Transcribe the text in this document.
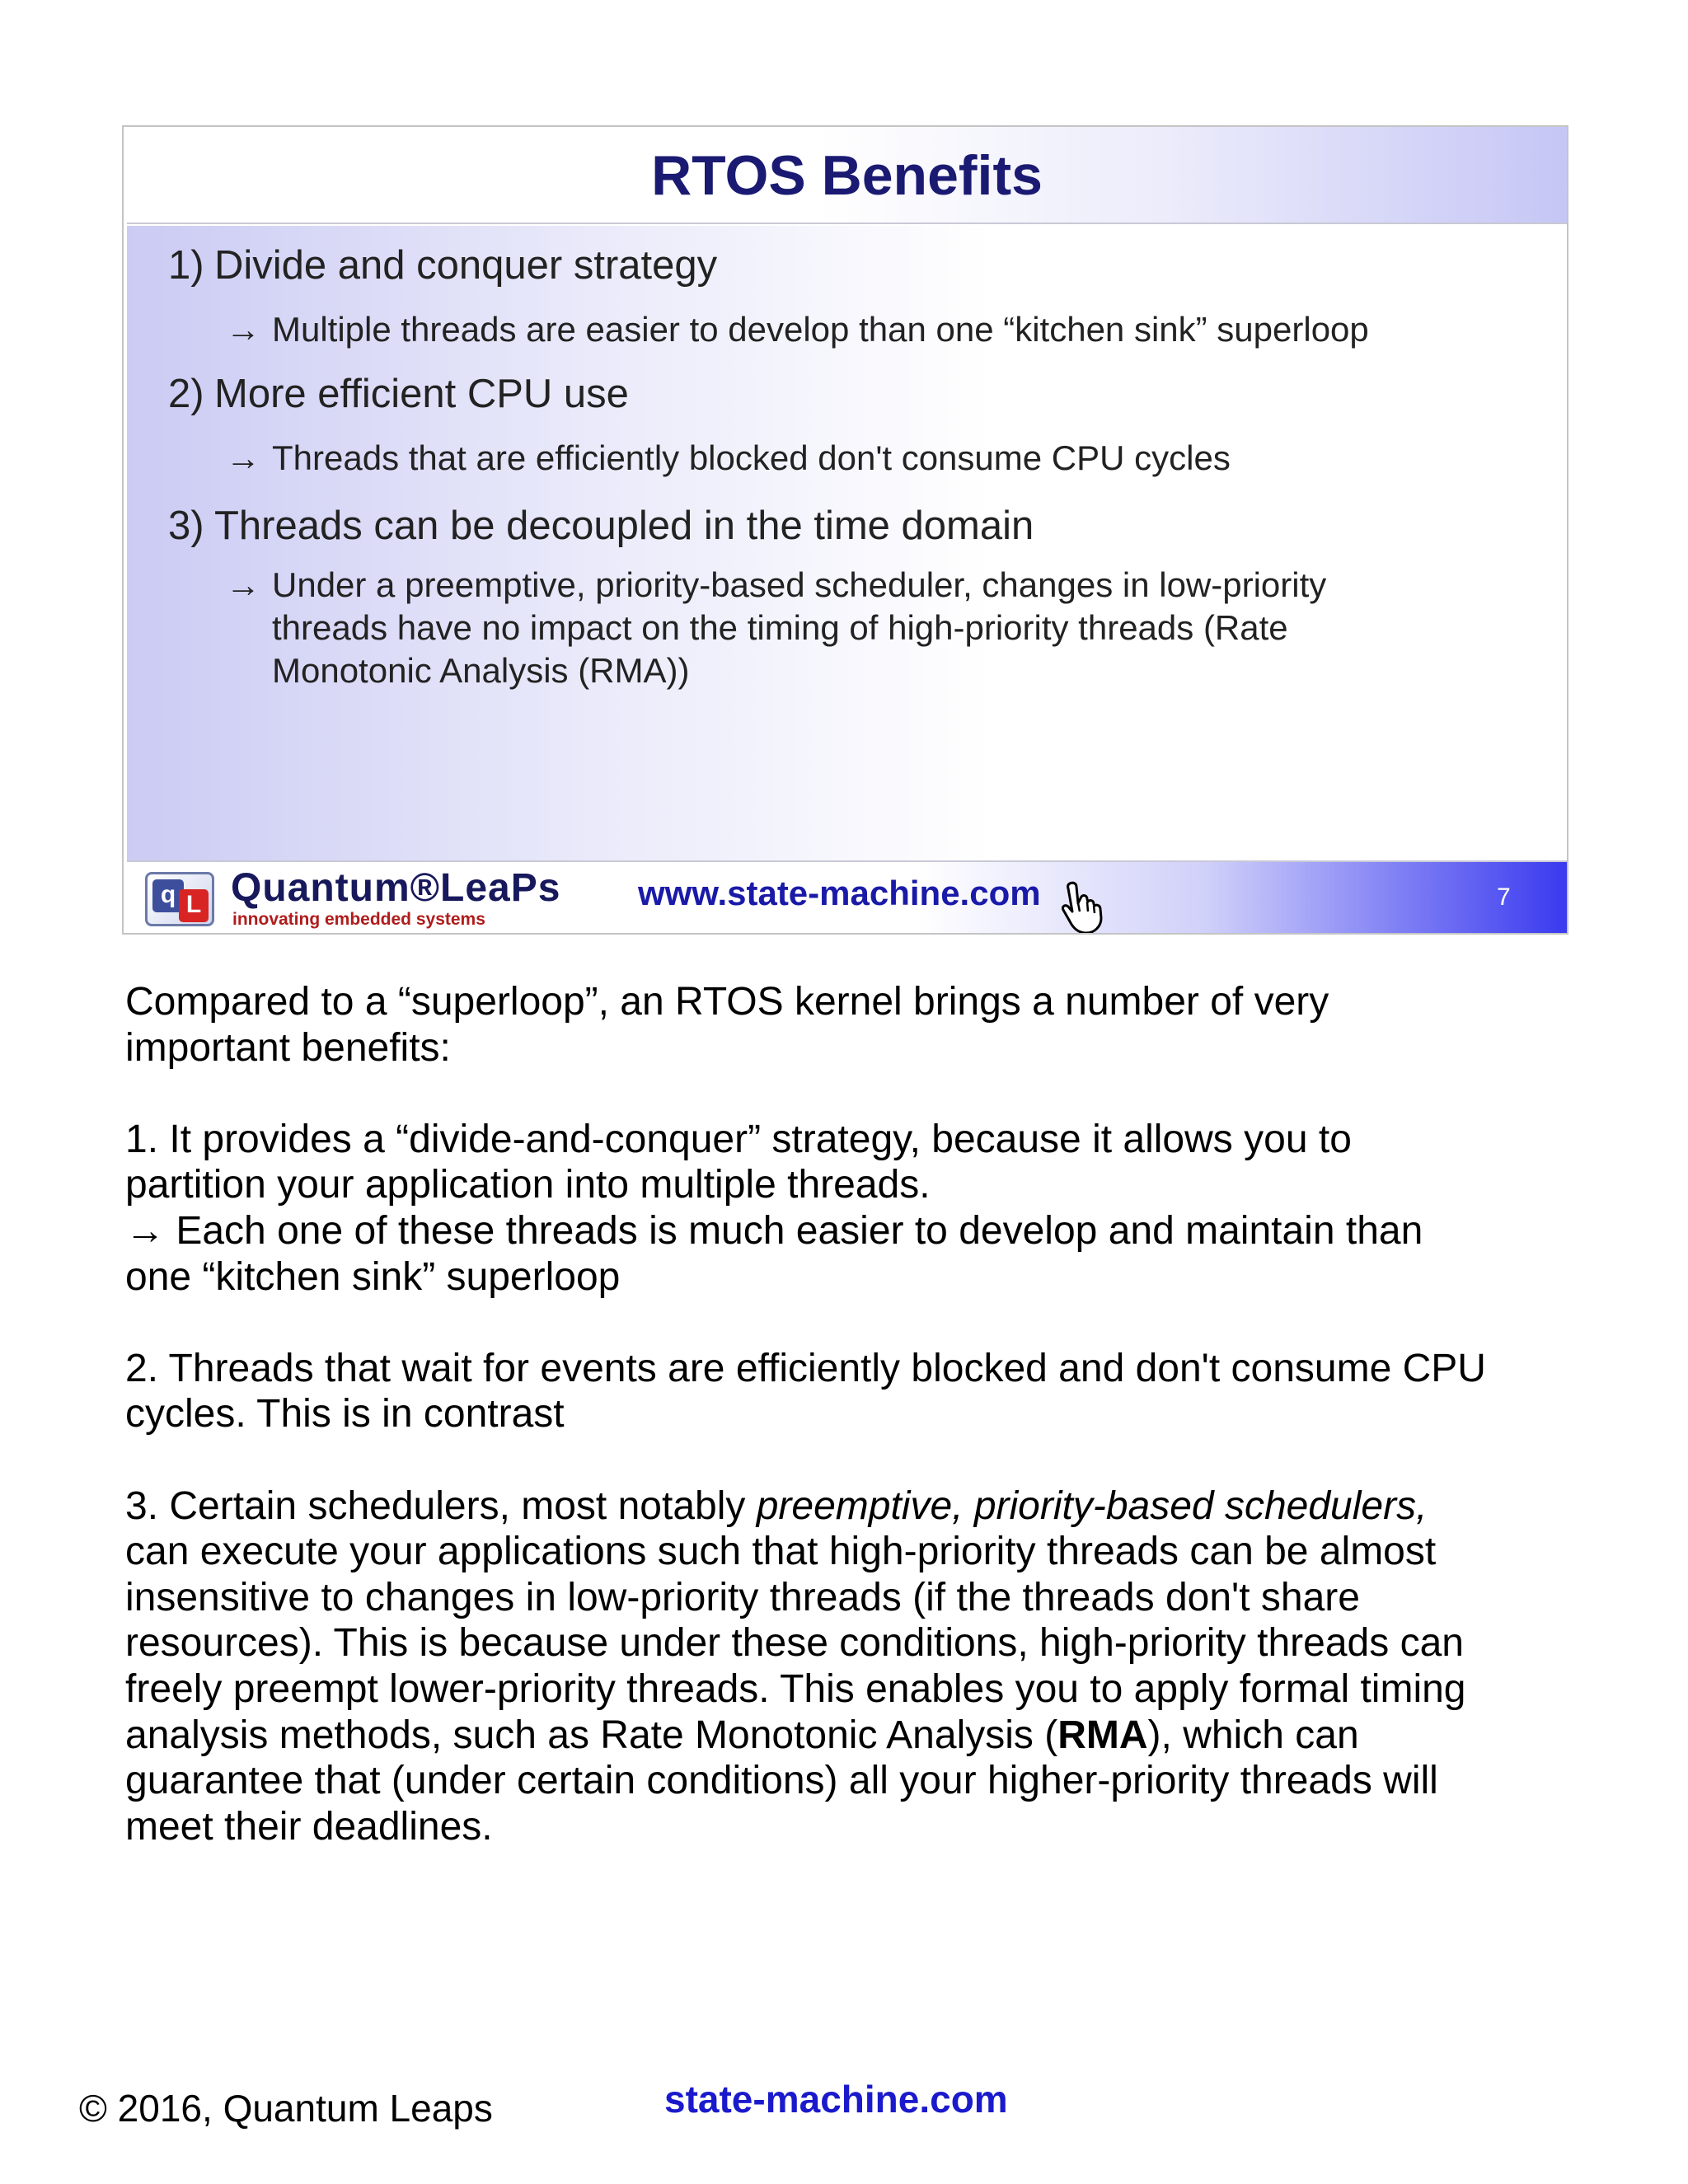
RTOS Benefits
1) Divide and conquer strategy
→ Multiple threads are easier to develop than one “kitchen sink” superloop
2) More efficient CPU use
→ Threads that are efficiently blocked don't consume CPU cycles
3) Threads can be decoupled in the time domain
→ Under a preemptive, priority-based scheduler, changes in low-priority
threads have no impact on the timing of high-priority threads (Rate
Monotonic Analysis (RMA))
q L Quantum®LeaPs
innovating embedded systems
www.state-machine.com	7

Compared to a “superloop”, an RTOS kernel brings a number of very
important benefits:

1. It provides a “divide-and-conquer” strategy, because it allows you to
partition your application into multiple threads.
→ Each one of these threads is much easier to develop and maintain than
one “kitchen sink” superloop

2. Threads that wait for events are efficiently blocked and don't consume CPU
cycles. This is in contrast

3. Certain schedulers, most notably preemptive, priority-based schedulers,
can execute your applications such that high-priority threads can be almost
insensitive to changes in low-priority threads (if the threads don't share
resources). This is because under these conditions, high-priority threads can
freely preempt lower-priority threads. This enables you to apply formal timing
analysis methods, such as Rate Monotonic Analysis (RMA), which can
guarantee that (under certain conditions) all your higher-priority threads will
meet their deadlines.

© 2016, Quantum Leaps	state-machine.com
